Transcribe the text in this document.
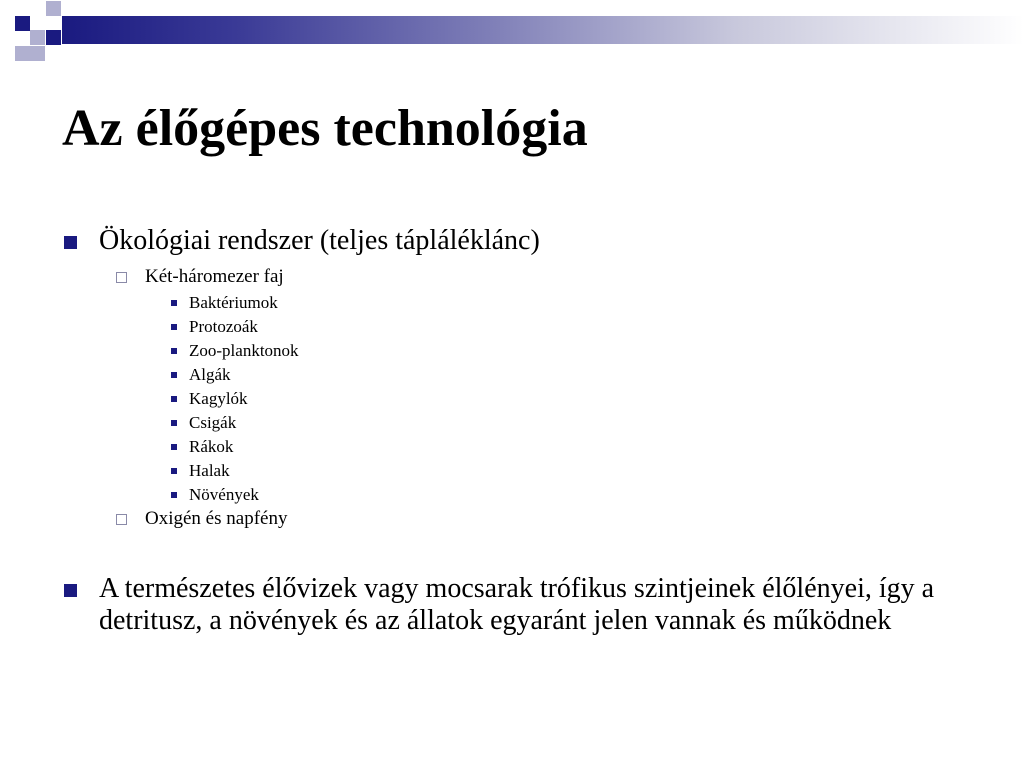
Az élőgépes technológia
Ökológiai rendszer (teljes tápláléklánc)
Két-háromezer faj
Baktériumok
Protozoák
Zoo-planktonok
Algák
Kagylók
Csigák
Rákok
Halak
Növények
Oxigén és napfény
A természetes élővizek vagy mocsarak trófikus szintjeinek élőlényei, így a detritusz, a növények és az állatok egyaránt jelen vannak és működnek
